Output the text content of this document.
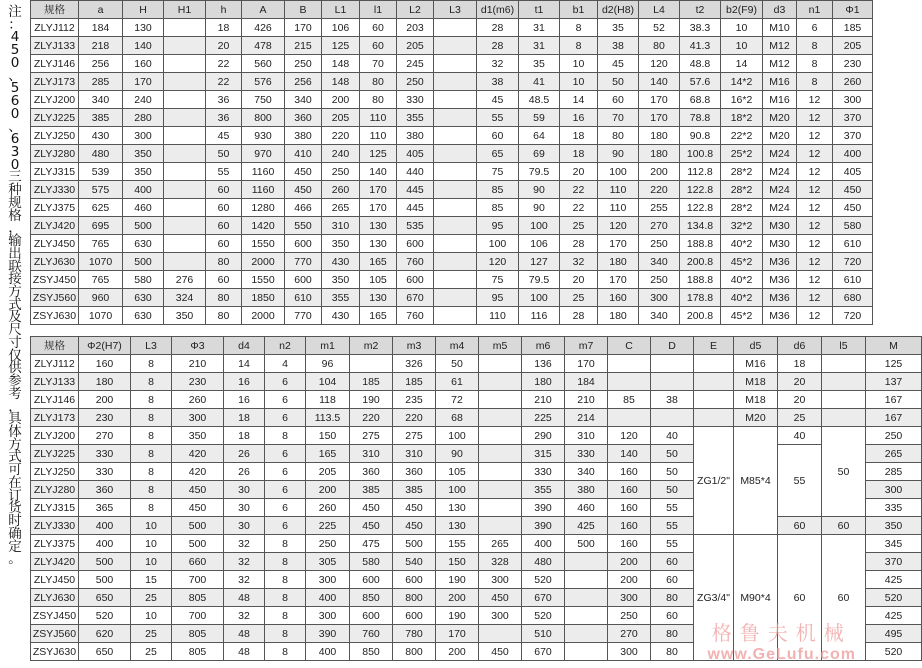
注
：
4
5
0
、
5
6
0
、
6
3
0
三
种
规
格
，
输
出
联
接
方
式
及
尺
寸
仅
供
参
考
，
具
体
方
式
可
在
订
货
时
确
定
。
规格	a	H	H1	h	A	B	L1	l1	L2	L3	d1(m6)	t1	b1	d2(H8)	L4	t2	b2(F9)	d3	n1	Φ1
ZLYJ112	184	130		18	426	170	106	60	203		28	31	8	35	52	38.3	10	M10	6	185
ZLYJ133	218	140		20	478	215	125	60	205		28	31	8	38	80	41.3	10	M12	8	205
ZLYJ146	256	160		22	560	250	148	70	245		32	35	10	45	120	48.8	14	M12	8	230
ZLYJ173	285	170		22	576	256	148	80	250		38	41	10	50	140	57.6	14*2	M16	8	260
ZLYJ200	340	240		36	750	340	200	80	330		45	48.5	14	60	170	68.8	16*2	M16	12	300
ZLYJ225	385	280		36	800	360	205	110	355		55	59	16	70	170	78.8	18*2	M20	12	370
ZLYJ250	430	300		45	930	380	220	110	380		60	64	18	80	180	90.8	22*2	M20	12	370
ZLYJ280	480	350		50	970	410	240	125	405		65	69	18	90	180	100.8	25*2	M24	12	400
ZLYJ315	539	350		55	1160	450	250	140	440		75	79.5	20	100	200	112.8	28*2	M24	12	405
ZLYJ330	575	400		60	1160	450	260	170	445		85	90	22	110	220	122.8	28*2	M24	12	450
ZLYJ375	625	460		60	1280	466	265	170	445		85	90	22	110	255	122.8	28*2	M24	12	450
ZLYJ420	695	500		60	1420	550	310	130	535		95	100	25	120	270	134.8	32*2	M30	12	580
ZLYJ450	765	630		60	1550	600	350	130	600		100	106	28	170	250	188.8	40*2	M30	12	610
ZLYJ630	1070	500		80	2000	770	430	165	760		120	127	32	180	340	200.8	45*2	M36	12	720
ZSYJ450	765	580	276	60	1550	600	350	105	600		75	79.5	20	170	250	188.8	40*2	M36	12	610
ZSYJ560	960	630	324	80	1850	610	355	130	670		95	100	25	160	300	178.8	40*2	M36	12	680
ZSYJ630	1070	630	350	80	2000	770	430	165	760		110	116	28	180	340	200.8	45*2	M36	12	720
规格	Φ2(H7)	L3	Φ3	d4	n2	m1	m2	m3	m4	m5	m6	m7	C	D	E	d5	d6	l5	M
ZLYJ112	160	8	210	14	4	96		326	50		136	170				M16	18		125
ZLYJ133	180	8	230	16	6	104	185	185	61		180	184				M18	20		137
ZLYJ146	200	8	260	16	6	118	190	235	72		210	210	85	38		M18	20		167
ZLYJ173	230	8	300	18	6	113.5	220	220	68		225	214				M20	25		167
ZLYJ200	270	8	350	18	8	150	275	275	100		290	310	120	40	ZG1/2"	M85*4	40	50	250
ZLYJ225	330	8	420	26	6	165	310	310	90		315	330	140	50			55		265
ZLYJ250	330	8	420	26	6	205	360	360	105		330	340	160	50					285
ZLYJ280	360	8	450	30	6	200	385	385	100		355	380	160	50					300
ZLYJ315	365	8	450	30	6	260	450	450	130		390	460	160	55					335
ZLYJ330	400	10	500	30	6	225	450	450	130		390	425	160	55			60	60	350
ZLYJ375	400	10	500	32	8	250	475	500	155	265	400	500	160	55	ZG3/4"	M90*4	60	60	345
ZLYJ420	500	10	660	32	8	305	580	540	150	328	480		200	60					370
ZLYJ450	500	15	700	32	8	300	600	600	190	300	520		200	60					425
ZLYJ630	650	25	805	48	8	400	850	800	200	450	670		300	80					520
ZSYJ450	520	10	700	32	8	300	600	600	190	300	520		250	60					425
ZSYJ560	620	25	805	48	8	390	760	780	170		510		270	80					495
ZSYJ630	650	25	805	48	8	400	850	800	200	450	670		300	80					520
格鲁夫机械
www.GeLufu.com
